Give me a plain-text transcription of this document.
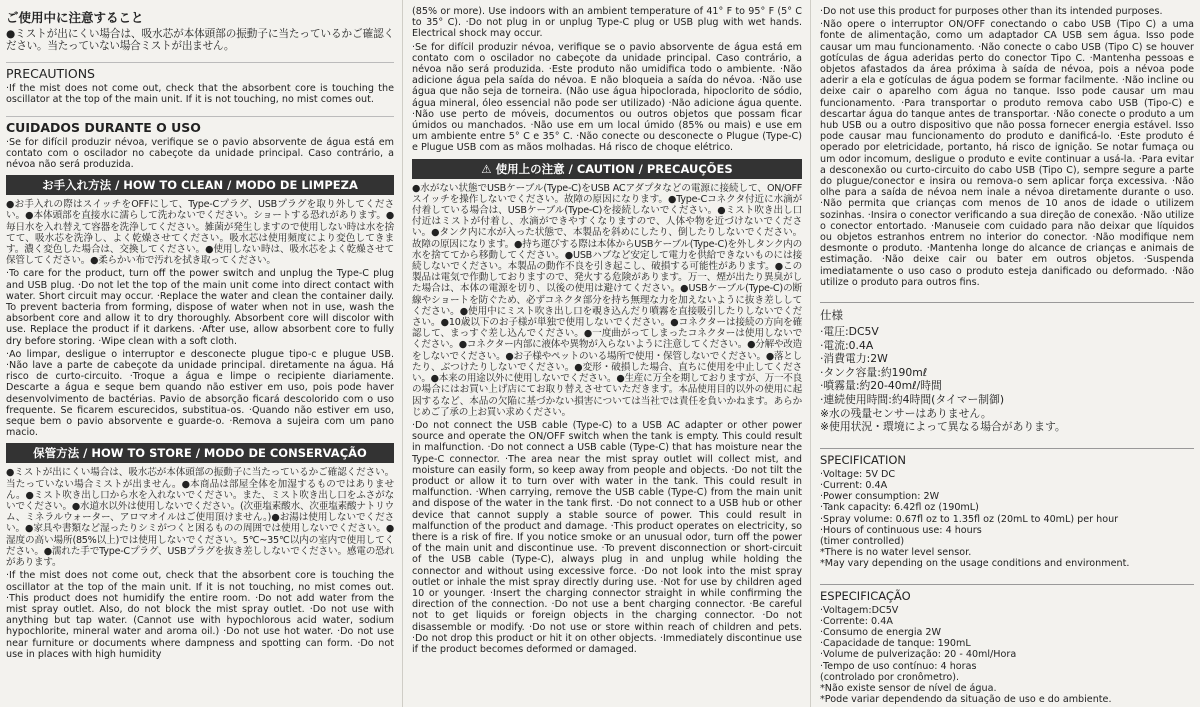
ご使用中に注意すること

●ミストが出にくい場合は、吸水芯が本体頭部の振動子に当たっているかご確認ください。当たっていない場合ミストが出ません。

PRECAUTIONS

·If the mist does not come out, check that the absorbent core is touching the oscillator at the top of the main unit. If it is not touching, no mist comes out.

CUIDADOS DURANTE O USO

·Se for difícil produzir névoa, verifique se o pavio absorvente de água está em contato com o oscilador no cabeçote da unidade principal. Caso contrário, a névoa não será produzida.

お手入れ方法 / HOW TO CLEAN / MODO DE LIMPEZA

●お手入れの際はスイッチをOFFにして、Type-Cプラグ、USBプラグを取り外してください。●本体頭部を直接水に濡らして洗わないでください。ショートする恐れがあります。●毎日水を入れ替えて容器を洗浄してください。雑菌が発生しますので使用しない時は水を捨てて、吸水芯を洗浄し、よく乾燥させてください。吸水芯は使用頻度により変色してきます。濃く変色した場合は、交換してください。●使用しない時は、吸水芯をよく乾燥させて保管してください。●柔らかい布で汚れを拭き取ってください。

·To care for the product, turn off the power switch and unplug the Type-C plug and USB plug. ·Do not let the top of the main unit come into direct contact with water. Short circuit may occur. ·Replace the water and clean the container daily. To prevent bacteria from forming, dispose of water when not in use, wash the absorbent core and allow it to dry thoroughly. Absorbent core will discolor with use. Replace the product if it darkens. ·After use, allow absorbent core to fully dry before storing. ·Wipe clean with a soft cloth.

·Ao limpar, desligue o interruptor e desconecte plugue tipo-c e plugue USB. ·Não lave a parte de cabeçote da unidade principal. diretamente na água. Há risco de curto-circuito. ·Troque a água e limpe o recipiente diariamente. Descarte a água e seque bem quando não estiver em uso, pois pode haver desenvolvimento de bactérias. Pavio de absorção ficará descolorido com o uso frequente. Se ficarem escurecidos, substitua-os. ·Quando não estiver em uso, seque bem o pavio absorvente e guarde-o. ·Remova a sujeira com um pano macio.

保管方法 / HOW TO STORE / MODO DE CONSERVAÇÃO

●ミストが出にくい場合は、吸水芯が本体頭部の振動子に当たっているかご確認ください。当たっていない場合ミストが出ません。●本商品は部屋全体を加湿するものではありません。●ミスト吹き出し口から水を入れないでください。また、ミスト吹き出し口をふさがないでください。●水道水以外は使用しないでください。(次亜塩素酸水、次亜塩素酸ナトリウム、ミネラルウォーター、アロマオイルはご使用頂けません。)●お湯は使用しないでください。●家具や書類など湿ったりシミがつくと困るものの周囲では使用しないでください。●湿度の高い場所(85%以上)では使用しないでください。5℃~35℃以内の室内で使用してください。●濡れた手でType-Cプラグ、USBプラグを抜き差ししないでください。感電の恐れがあります。

·If the mist does not come out, check that the absorbent core is touching the oscillator at the top of the main unit. If it is not touching, no mist comes out. ·This product does not humidify the entire room. ·Do not add water from the mist spray outlet. Also, do not block the mist spray outlet. ·Do not use with anything but tap water. (Cannot use with hypochlorous acid water, sodium hypochlorite, mineral water and aroma oil.) ·Do not use hot water. ·Do not use near furniture or documents where dampness and spotting can form. ·Do not use in places with high humidity

(85% or more). Use indoors with an ambient temperature of 41° F to 95° F (5° C to 35° C). ·Do not plug in or unplug Type-C plug or USB plug with wet hands. Electrical shock may occur.

·Se for difícil produzir névoa, verifique se o pavio absorvente de água está em contato com o oscilador no cabeçote da unidade principal. Caso contrário, a névoa não será produzida. ·Este produto não umidifica todo o ambiente. ·Não adicione água pela saída do névoa. E não bloqueia a saída do névoa. ·Não use água que não seja de torneira. (Não use água hipoclorada, hipoclorito de sódio, água mineral, óleo essencial não pode ser utilizado) ·Não adicione água quente. ·Não use perto de móveis, documentos ou outros objetos que possam ficar úmidos ou manchados. ·Não use em um local úmido (85% ou mais) e use em um ambiente entre 5° C e 35° C. ·Não conecte ou desconecte o Plugue (Type-C) e Plugue USB com as mãos molhadas. Há risco de choque elétrico.

⚠ 使用上の注意 / CAUTION / PRECAUÇÕES

●水がない状態でUSBケーブル(Type-C)をUSB ACアダプタなどの電源に接続して、ON/OFFスイッチを操作しないでください。故障の原因になります。●Type-Cコネクタ付近に水滴が付着している場合は、USBケーブル(Type-C)を接続しないでください。●ミスト吹き出し口付近はミストが付着し、水滴ができやすくなりますので、人体や物を近づけないでください。●タンク内に水が入った状態で、本製品を斜めにしたり、倒したりしないでください。故障の原因になります。●持ち運びする際は本体からUSBケーブル(Type-C)を外しタンク内の水を捨ててから移動してください。●USBハブなど安定して電力を供給できないものには接続しないでください。本製品の動作不良を引き起こし、破損する可能性があります。●この製品は電気で作動しておりますので、発火する危険があります。万一、煙が出たり異臭がした場合は、本体の電源を切り、以後の使用は避けてください。●USBケーブル(Type-C)の断線やショートを防ぐため、必ずコネクタ部分を持ち無理な力を加えないように抜き差ししてください。●使用中にミスト吹き出し口を覗き込んだり噴霧を直接吸引したりしないでください。●10歳以下のお子様が単独で使用しないでください。●コネクターは接続の方向を確認して、まっすぐ差し込んでください。●一度曲がってしまったコネクターは使用しないでください。●コネクター内部に液体や異物が入らないように注意してください。●分解や改造をしないでください。●お子様やペットのいる場所で使用・保管しないでください。●落としたり、ぶつけたりしないでください。●変形・破損した場合、直ちに使用を中止してください。●本来の用途以外に使用しないでください。●生産に万全を期しておりますが、万一不良の場合にはお買い上げ店にてお取り替えさせていただきます。本品使用目的以外の使用に起因するなど、本品の欠陥に基づかない損害については当社では責任を負いかねます。あらかじめご了承の上お買い求めください。

·Do not connect the USB cable (Type-C) to a USB AC adapter or other power source and operate the ON/OFF switch when the tank is empty. This could result in malfunction. ·Do not connect a USB cable (Type-C) that has moisture near the Type-C connector. ·The area near the mist spray outlet will collect mist, and moisture can easily form, so keep away from people and objects. ·Do not tilt the product or allow it to turn over with water in the tank. This could result in malfunction. ·When carrying, remove the USB cable (Type-C) from the main unit and dispose of the water in the tank first. ·Do not connect to a USB hub or other device that cannot supply a stable source of power. This could result in malfunction of the product and damage. ·This product operates on electricity, so there is a risk of fire. If you notice smoke or an unusual odor, turn off the power of the main unit and discontinue use. ·To prevent disconnection or short-circuit of the USB cable (Type-C), always plug in and unplug while holding the connector and without using excessive force. ·Do not look into the mist spray outlet or inhale the mist spray directly during use. ·Not for use by children aged 10 or younger. ·Insert the charging connector straight in while confirming the direction of the connection. ·Do not use a bent charging connector. ·Be careful not to get liquids or foreign objects in the charging connector. ·Do not disassemble or modify. ·Do not use or store within reach of children and pets. ·Do not drop this product or hit it on other objects. ·Immediately discontinue use if the product becomes deformed or damaged.

·Do not use this product for purposes other than its intended purposes.

·Não opere o interruptor ON/OFF conectando o cabo USB (Tipo C) a uma fonte de alimentação, como um adaptador CA USB sem água. Isso pode causar um mau funcionamento. ·Não conecte o cabo USB (Tipo C) se houver gotículas de água aderidas perto do conector Tipo C. ·Mantenha pessoas e objetos afastados da área próxima à saída de névoa, pois a névoa pode aderir a ela e gotículas de água podem se formar facilmente. ·Não incline ou deixe cair o aparelho com água no tanque. Isso pode causar um mau funcionamento. ·Para transportar o produto remova cabo USB (Tipo-C) e descartar água do tanque antes de transportar. ·Não conecte o produto a um hub USB ou a outro dispositivo que não possa fornecer energia estável. Isso pode causar mau funcionamento do produto e danificá-lo. ·Este produto é operado por eletricidade, portanto, há risco de ignição. Se notar fumaça ou um odor incomum, desligue o produto e evite continuar a usá-la. ·Para evitar a desconexão ou curto-circuito do cabo USB (Tipo C), sempre segure a parte do plugue/conector e insira ou remova-o sem aplicar força excessiva. ·Não olhe para a saída de névoa nem inale a névoa diretamente durante o uso. ·Não permita que crianças com menos de 10 anos de idade o utilizem sozinhas. ·Insira o conector verificando a sua direção de conexão. ·Não utilize o conector entortado. ·Manuseie com cuidado para não deixar que líquidos ou objetos estranhos entrem no interior do conector. ·Não modifique nem desmonte o produto. ·Mantenha longe do alcance de crianças e animais de estimação. ·Não deixe cair ou bater em outros objetos. ·Suspenda imediatamente o uso caso o produto esteja danificado ou deformado. ·Não utilize o produto para outros fins.

仕様
·電圧:DC5V
·電流:0.4A
·消費電力:2W
·タンク容量:約190mℓ
·噴霧量:約20-40mℓ/時間
·連続使用時間:約4時間(タイマー制御)
※水の残量センサーはありません。
※使用状況・環境によって異なる場合があります。
SPECIFICATION
·Voltage: 5V DC
·Current: 0.4A
·Power consumption: 2W
·Tank capacity: 6.42fl oz (190mL)
·Spray volume: 0.67fl oz to 1.35fl oz (20mL to 40mL) per hour
·Hours of continuous use: 4 hours
(timer controlled)
*There is no water level sensor.
*May vary depending on the usage conditions and environment.
ESPECIFICAÇÃO
·Voltagem:DC5V
·Corrente: 0.4A
·Consumo de energia 2W
·Capacidade de tanque: 190mL
·Volume de pulverização: 20 - 40ml/Hora
·Tempo de uso contínuo: 4 horas
(controlado por cronômetro).
*Não existe sensor de nível de água.
*Pode variar dependendo da situação de uso e do ambiente.
